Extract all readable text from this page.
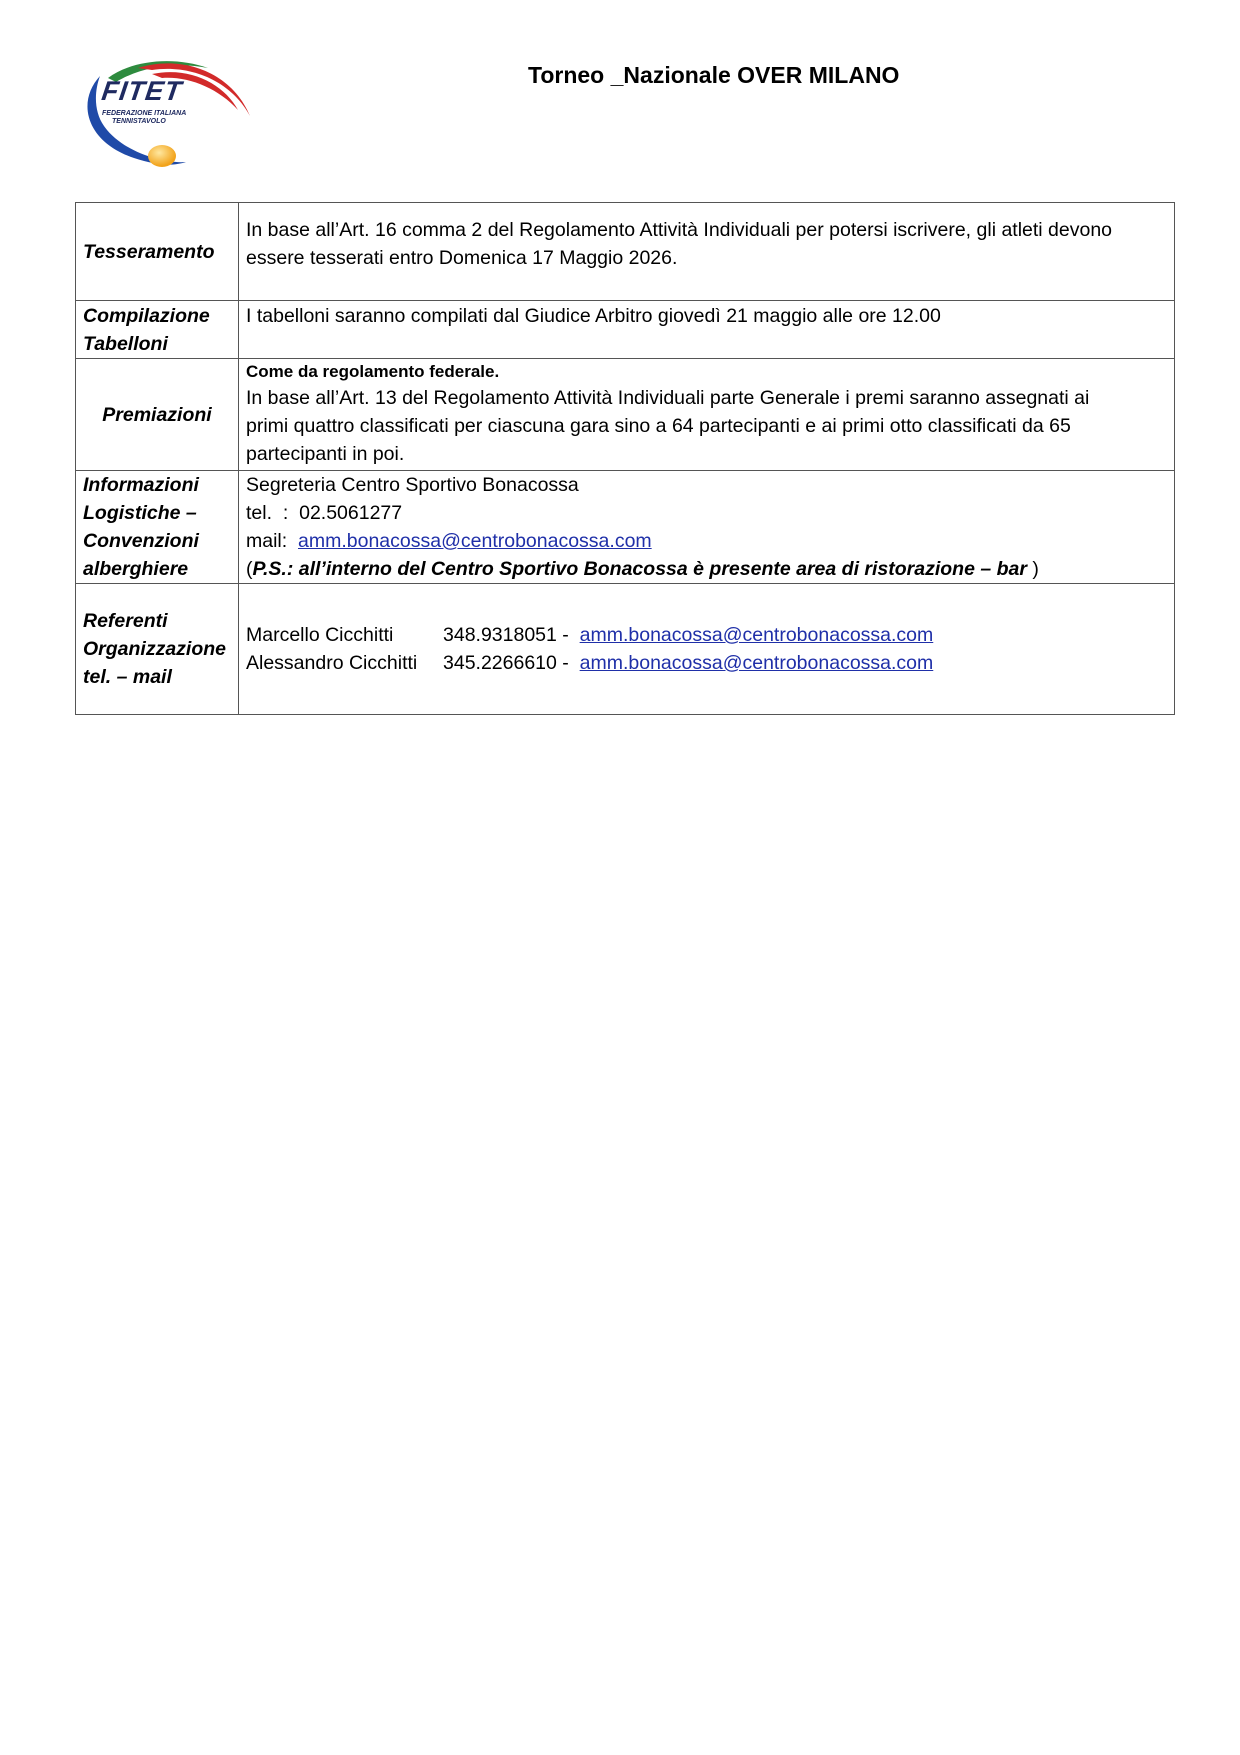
FITET
FEDERAZIONE ITALIANA
TENNISTAVOLO
Torneo _Nazionale OVER MILANO
Tesseramento	In base all’Art. 16 comma 2 del Regolamento Attività Individuali per potersi iscrivere, gli atleti devono
essere tesserati entro Domenica 17 Maggio 2026.

Compilazione
Tabelloni	I tabelloni saranno compilati dal Giudice Arbitro giovedì 21 maggio alle ore 12.00

Premiazioni	Come da regolamento federale.
In base all’Art. 13 del Regolamento Attività Individuali parte Generale i premi saranno assegnati ai
primi quattro classificati per ciascuna gara sino a 64 partecipanti e ai primi otto classificati da 65
partecipanti in poi.

Informazioni
Logistiche –
Convenzioni
alberghiere	Segreteria Centro Sportivo Bonacossa
tel.  :  02.5061277
mail:  amm.bonacossa@centrobonacossa.com
(P.S.: all’interno del Centro Sportivo Bonacossa è presente area di ristorazione – bar )

Referenti
Organizzazione
tel. – mail	Marcello Cicchitti 348.9318051 -  amm.bonacossa@centrobonacossa.com
Alessandro Cicchitti 345.2266610 -  amm.bonacossa@centrobonacossa.com
